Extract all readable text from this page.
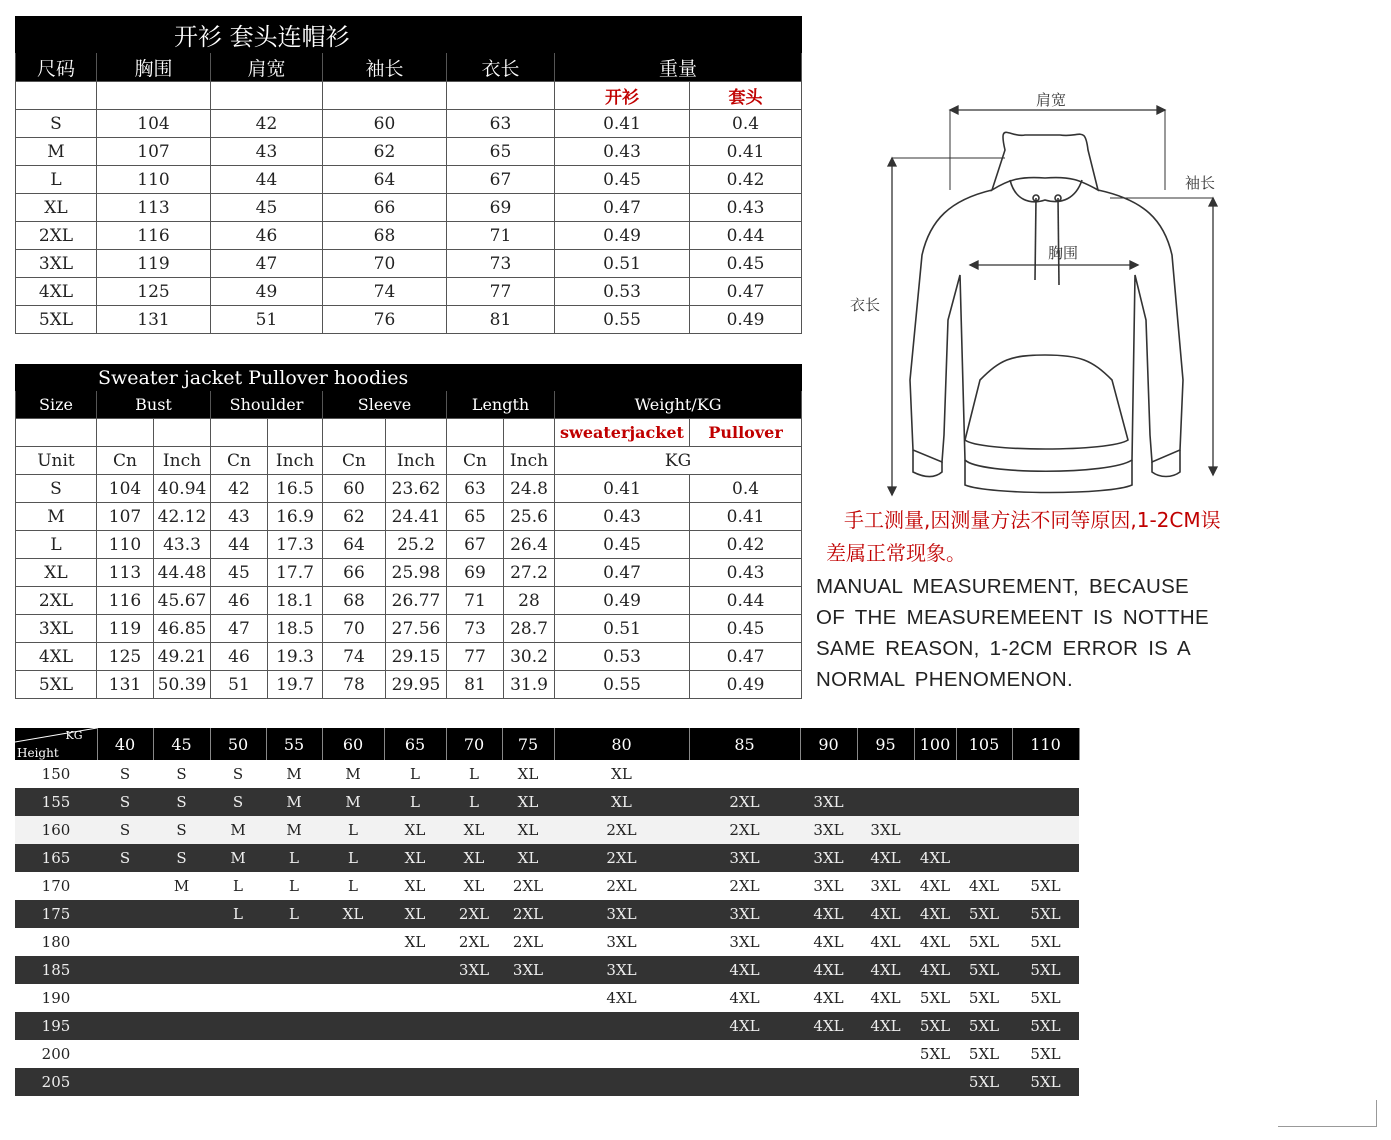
开衫 套头连帽衫						
尺码	胸围	肩宽	袖长	衣长	重量	
					开衫	套头
S	104	42	60	63	0.41	0.4
M	107	43	62	65	0.43	0.41
L	110	44	64	67	0.45	0.42
XL	113	45	66	69	0.47	0.43
2XL	116	46	68	71	0.49	0.44
3XL	119	47	70	73	0.51	0.45
4XL	125	49	74	77	0.53	0.47
5XL	131	51	76	81	0.55	0.49
Sweater jacket Pullover hoodies										
Size	Bust		Shoulder		Sleeve		Length		Weight/KG	
									sweaterjacket	Pullover
Unit	Cn	Inch	Cn	Inch	Cn	Inch	Cn	Inch	KG	
S	104	40.94	42	16.5	60	23.62	63	24.8	0.41	0.4
M	107	42.12	43	16.9	62	24.41	65	25.6	0.43	0.41
L	110	43.3	44	17.3	64	25.2	67	26.4	0.45	0.42
XL	113	44.48	45	17.7	66	25.98	69	27.2	0.47	0.43
2XL	116	45.67	46	18.1	68	26.77	71	28	0.49	0.44
3XL	119	46.85	47	18.5	70	27.56	73	28.7	0.51	0.45
4XL	125	49.21	46	19.3	74	29.15	77	30.2	0.53	0.47
5XL	131	50.39	51	19.7	78	29.95	81	31.9	0.55	0.49
KG
Height	40	45	50	55	60	65	70	75	80	85	90	95	100	105	110
150	S	S	S	M	M	L	L	XL	XL						
155	S	S	S	M	M	L	L	XL	XL	2XL	3XL				
160	S	S	M	M	L	XL	XL	XL	2XL	2XL	3XL	3XL			
165	S	S	M	L	L	XL	XL	XL	2XL	3XL	3XL	4XL	4XL		
170		M	L	L	L	XL	XL	2XL	2XL	2XL	3XL	3XL	4XL	4XL	5XL
175			L	L	XL	XL	2XL	2XL	3XL	3XL	4XL	4XL	4XL	5XL	5XL
180						XL	2XL	2XL	3XL	3XL	4XL	4XL	4XL	5XL	5XL
185							3XL	3XL	3XL	4XL	4XL	4XL	4XL	5XL	5XL
190									4XL	4XL	4XL	4XL	5XL	5XL	5XL
195										4XL	4XL	4XL	5XL	5XL	5XL
200													5XL	5XL	5XL
205														5XL	5XL
肩宽
袖长
胸围
衣长
手工测量,因测量方法不同等原因,1-2CM误差属正常现象。
MANUAL MEASUREMENT, BECAUSE OF THE MEASUREMEENT IS NOTTHE SAME REASON, 1-2CM ERROR IS A NORMAL PHENOMENON.
